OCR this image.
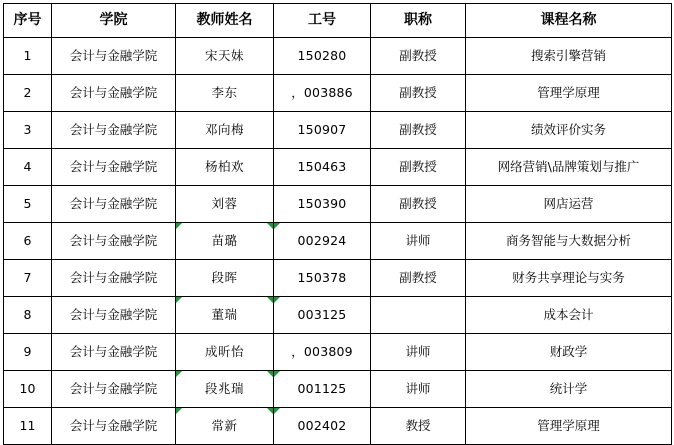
序号	学院	教师姓名	工号	职称	课程名称
1	会计与金融学院	宋天妹	150280	副教授	搜索引擎营销
2	会计与金融学院	李东	，003886	副教授	管理学原理
3	会计与金融学院	邓向梅	150907	副教授	绩效评价实务
4	会计与金融学院	杨柏欢	150463	副教授	网络营销\品牌策划与推广
5	会计与金融学院	刘蓉	150390	副教授	网店运营
6	会计与金融学院	苗璐	002924	讲师	商务智能与大数据分析
7	会计与金融学院	段晖	150378	副教授	财务共享理论与实务
8	会计与金融学院	董瑞	003125		成本会计
9	会计与金融学院	成昕怡	，003809	讲师	财政学
10	会计与金融学院	段兆瑞	001125	讲师	统计学
11	会计与金融学院	常新	002402	教授	管理学原理
